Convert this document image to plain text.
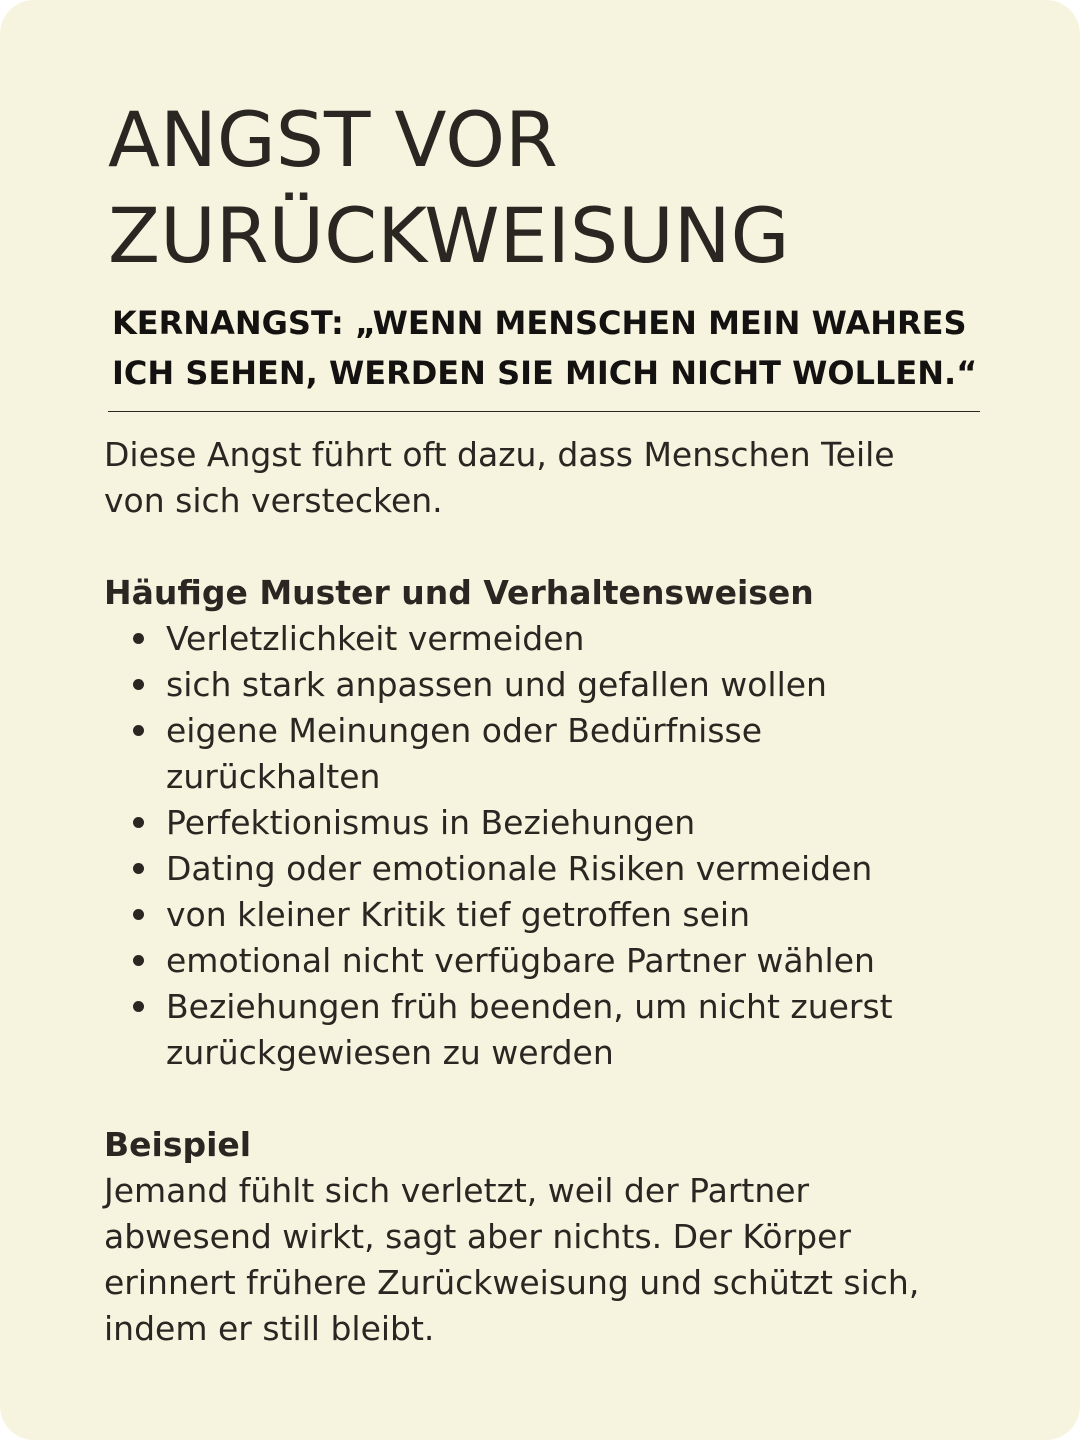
ANGST VOR
ZURÜCKWEISUNG
KERNANGST: „WENN MENSCHEN MEIN WAHRES
ICH SEHEN, WERDEN SIE MICH NICHT WOLLEN.“

Diese Angst führt oft dazu, dass Menschen Teile
von sich verstecken.

Häufige Muster und Verhaltensweisen

Verletzlichkeit vermeiden
sich stark anpassen und gefallen wollen
eigene Meinungen oder Bedürfnisse
zurückhalten
Perfektionismus in Beziehungen
Dating oder emotionale Risiken vermeiden
von kleiner Kritik tief getroffen sein
emotional nicht verfügbare Partner wählen
Beziehungen früh beenden, um nicht zuerst
zurückgewiesen zu werden

Beispiel

Jemand fühlt sich verletzt, weil der Partner
abwesend wirkt, sagt aber nichts. Der Körper
erinnert frühere Zurückweisung und schützt sich,
indem er still bleibt.
